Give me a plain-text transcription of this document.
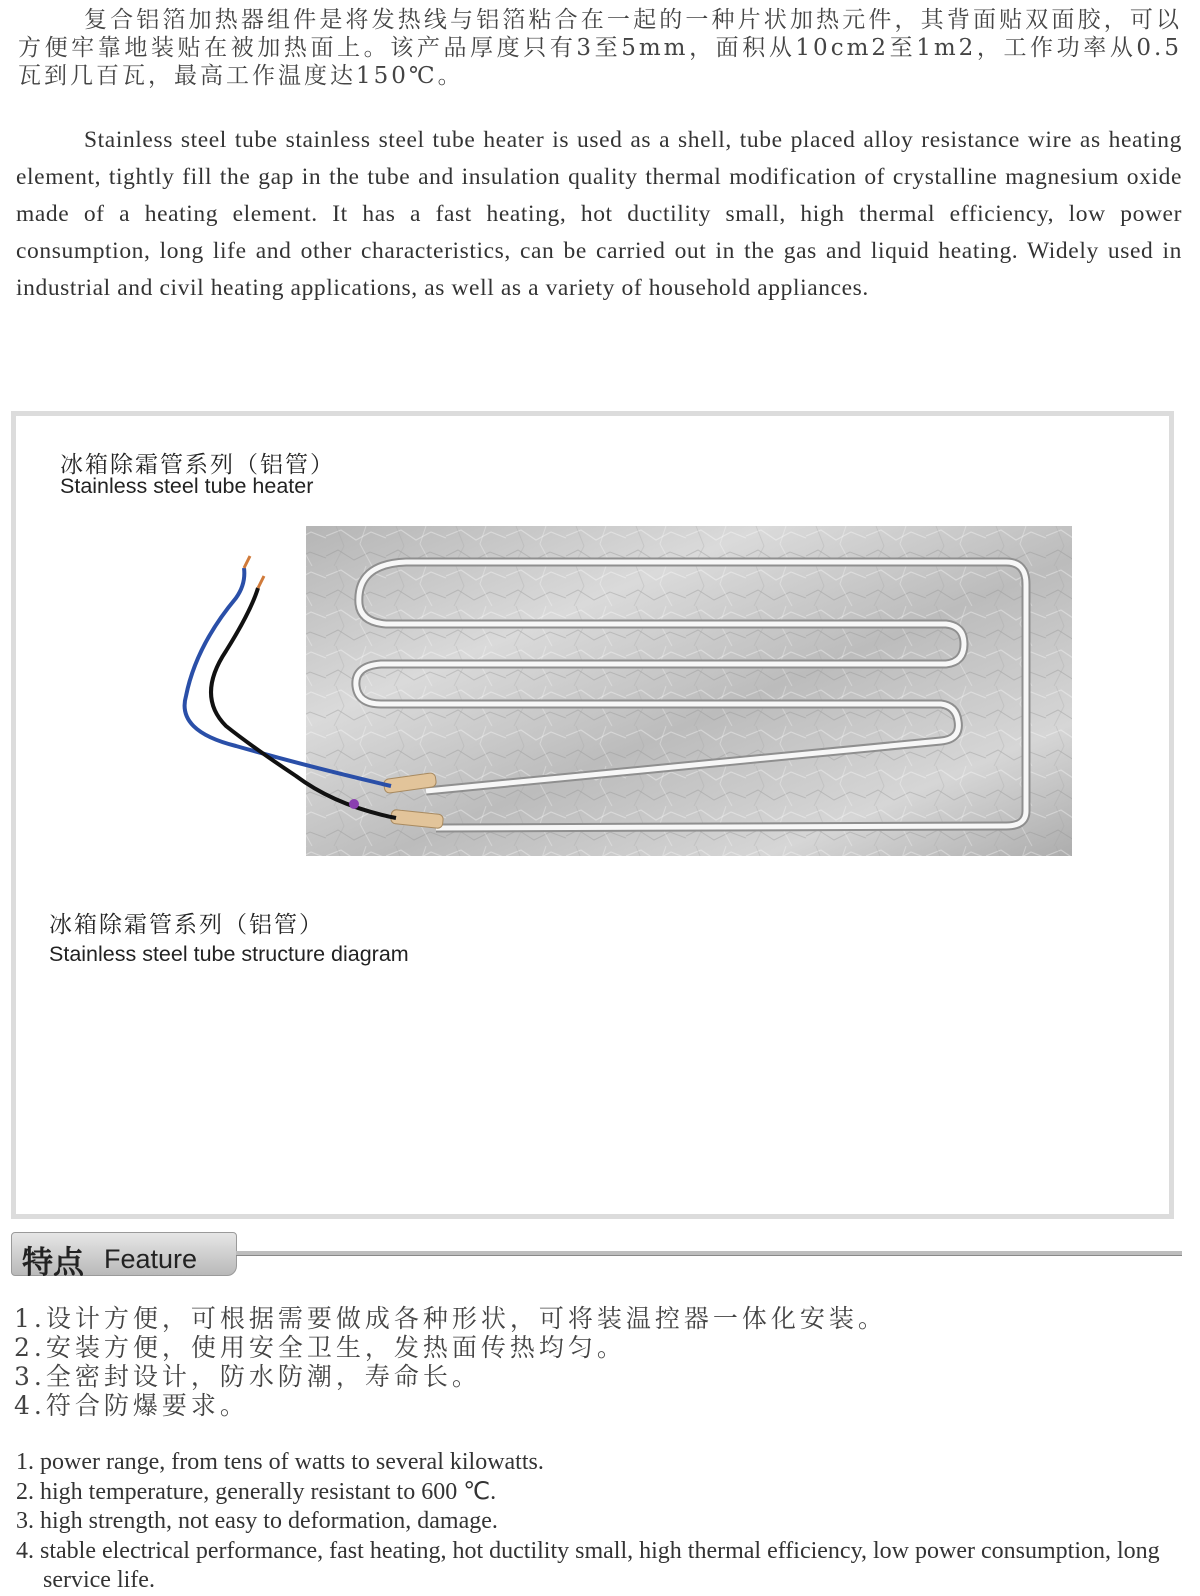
复合铝箔加热器组件是将发热线与铝箔粘合在一起的一种片状加热元件，其背面贴双面胶，可以方便牢靠地装贴在被加热面上。该产品厚度只有3至5mm，面积从10cm2至1m2，工作功率从0.5瓦到几百瓦，最高工作温度达150℃。

Stainless steel tube stainless steel tube heater is used as a shell, tube placed alloy resistance wire as heating element, tightly fill the gap in the tube and insulation quality thermal modification of crystalline magnesium oxide made of a heating element. It has a fast heating, hot ductility small, high thermal efficiency, low power consumption, long life and other characteristics, can be carried out in the gas and liquid heating. Widely used in industrial and civil heating applications, as well as a variety of household appliances.

冰箱除霜管系列（铝管）
Stainless steel tube heater
冰箱除霜管系列（铝管）
Stainless steel tube structure diagram
特点 Feature
1.设计方便，可根据需要做成各种形状，可将装温控器一体化安装。
2.安装方便，使用安全卫生，发热面传热均匀。
3.全密封设计，防水防潮，寿命长。
4.符合防爆要求。
1. power range, from tens of watts to several kilowatts.
2. high temperature, generally resistant to 600 ℃.
3. high strength, not easy to deformation, damage.
4. stable electrical performance, fast heating, hot ductility small, high thermal efficiency, low power consumption, long service life.
